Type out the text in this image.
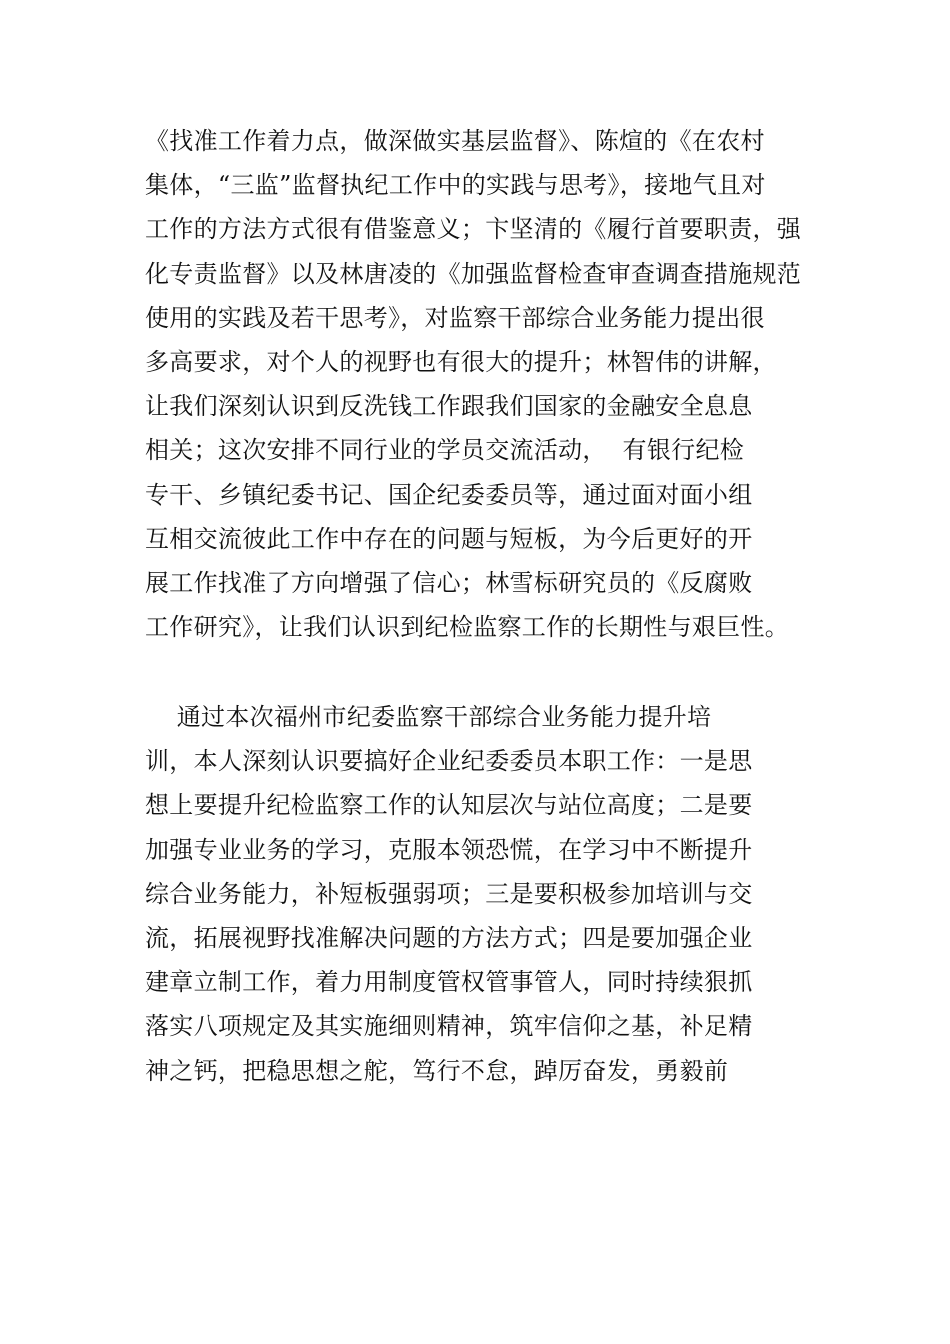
《找准工作着力点，做深做实基层监督》、陈煊的《在农村
集体，“三监”监督执纪工作中的实践与思考》，接地气且对
工作的方法方式很有借鉴意义；卞坚清的《履行首要职责，强
化专责监督》以及林唐凌的《加强监督检查审查调查措施规范
使用的实践及若干思考》，对监察干部综合业务能力提出很
多高要求，对个人的视野也有很大的提升；林智伟的讲解，
让我们深刻认识到反洗钱工作跟我们国家的金融安全息息
相关；这次安排不同行业的学员交流活动，  有银行纪检
专干、乡镇纪委书记、国企纪委委员等，通过面对面小组
互相交流彼此工作中存在的问题与短板，为今后更好的开
展工作找准了方向增强了信心；林雪标研究员的《反腐败
工作研究》，让我们认识到纪检监察工作的长期性与艰巨性。
通过本次福州市纪委监察干部综合业务能力提升培
训，本人深刻认识要搞好企业纪委委员本职工作：一是思
想上要提升纪检监察工作的认知层次与站位高度；二是要
加强专业业务的学习，克服本领恐慌，在学习中不断提升
综合业务能力，补短板强弱项；三是要积极参加培训与交
流，拓展视野找准解决问题的方法方式；四是要加强企业
建章立制工作，着力用制度管权管事管人，同时持续狠抓
落实八项规定及其实施细则精神，筑牢信仰之基，补足精
神之钙，把稳思想之舵，笃行不怠，踔厉奋发，勇毅前
